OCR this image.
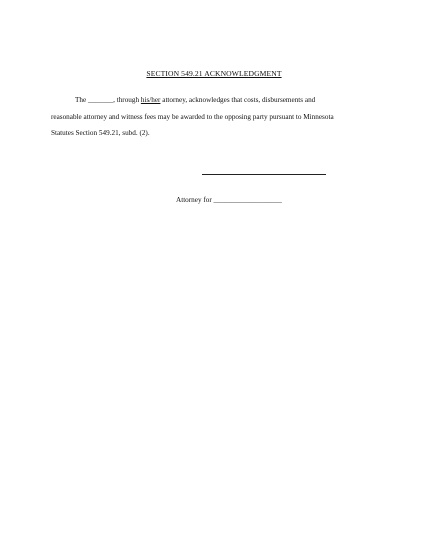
SECTION 549.21 ACKNOWLEDGMENT
The _______, through his/her attorney, acknowledges that costs, disbursements and
reasonable attorney and witness fees may be awarded to the opposing party pursuant to Minnesota
Statutes Section 549.21, subd. (2).
Attorney for ___________________
